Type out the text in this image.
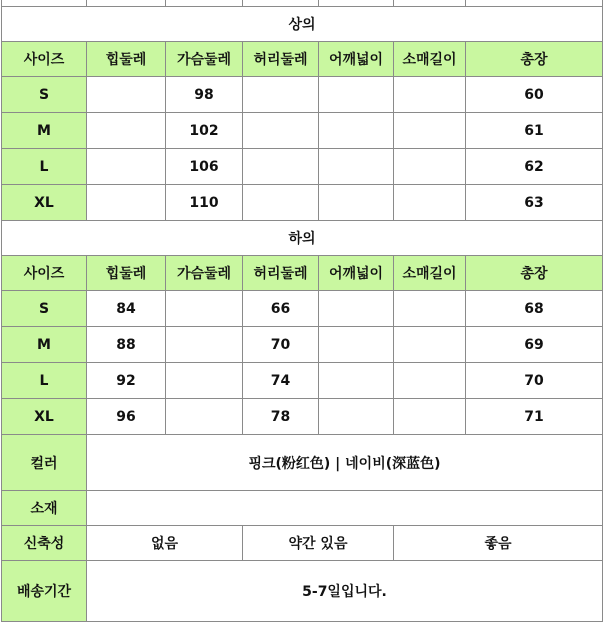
상의						
사이즈	힙둘레	가슴둘레	허리둘레	어깨넓이	소매길이	총장
S		98				60
M		102				61
L		106				62
XL		110				63
하의						
사이즈	힙둘레	가슴둘레	허리둘레	어깨넓이	소매길이	총장
S	84		66			68
M	88		70			69
L	92		74			70
XL	96		78			71
컬러	핑크(粉红色) | 네이비(深蓝色)					
소재						
신축성	없음		약간 있음		좋음	
배송기간	5-7일입니다.					
